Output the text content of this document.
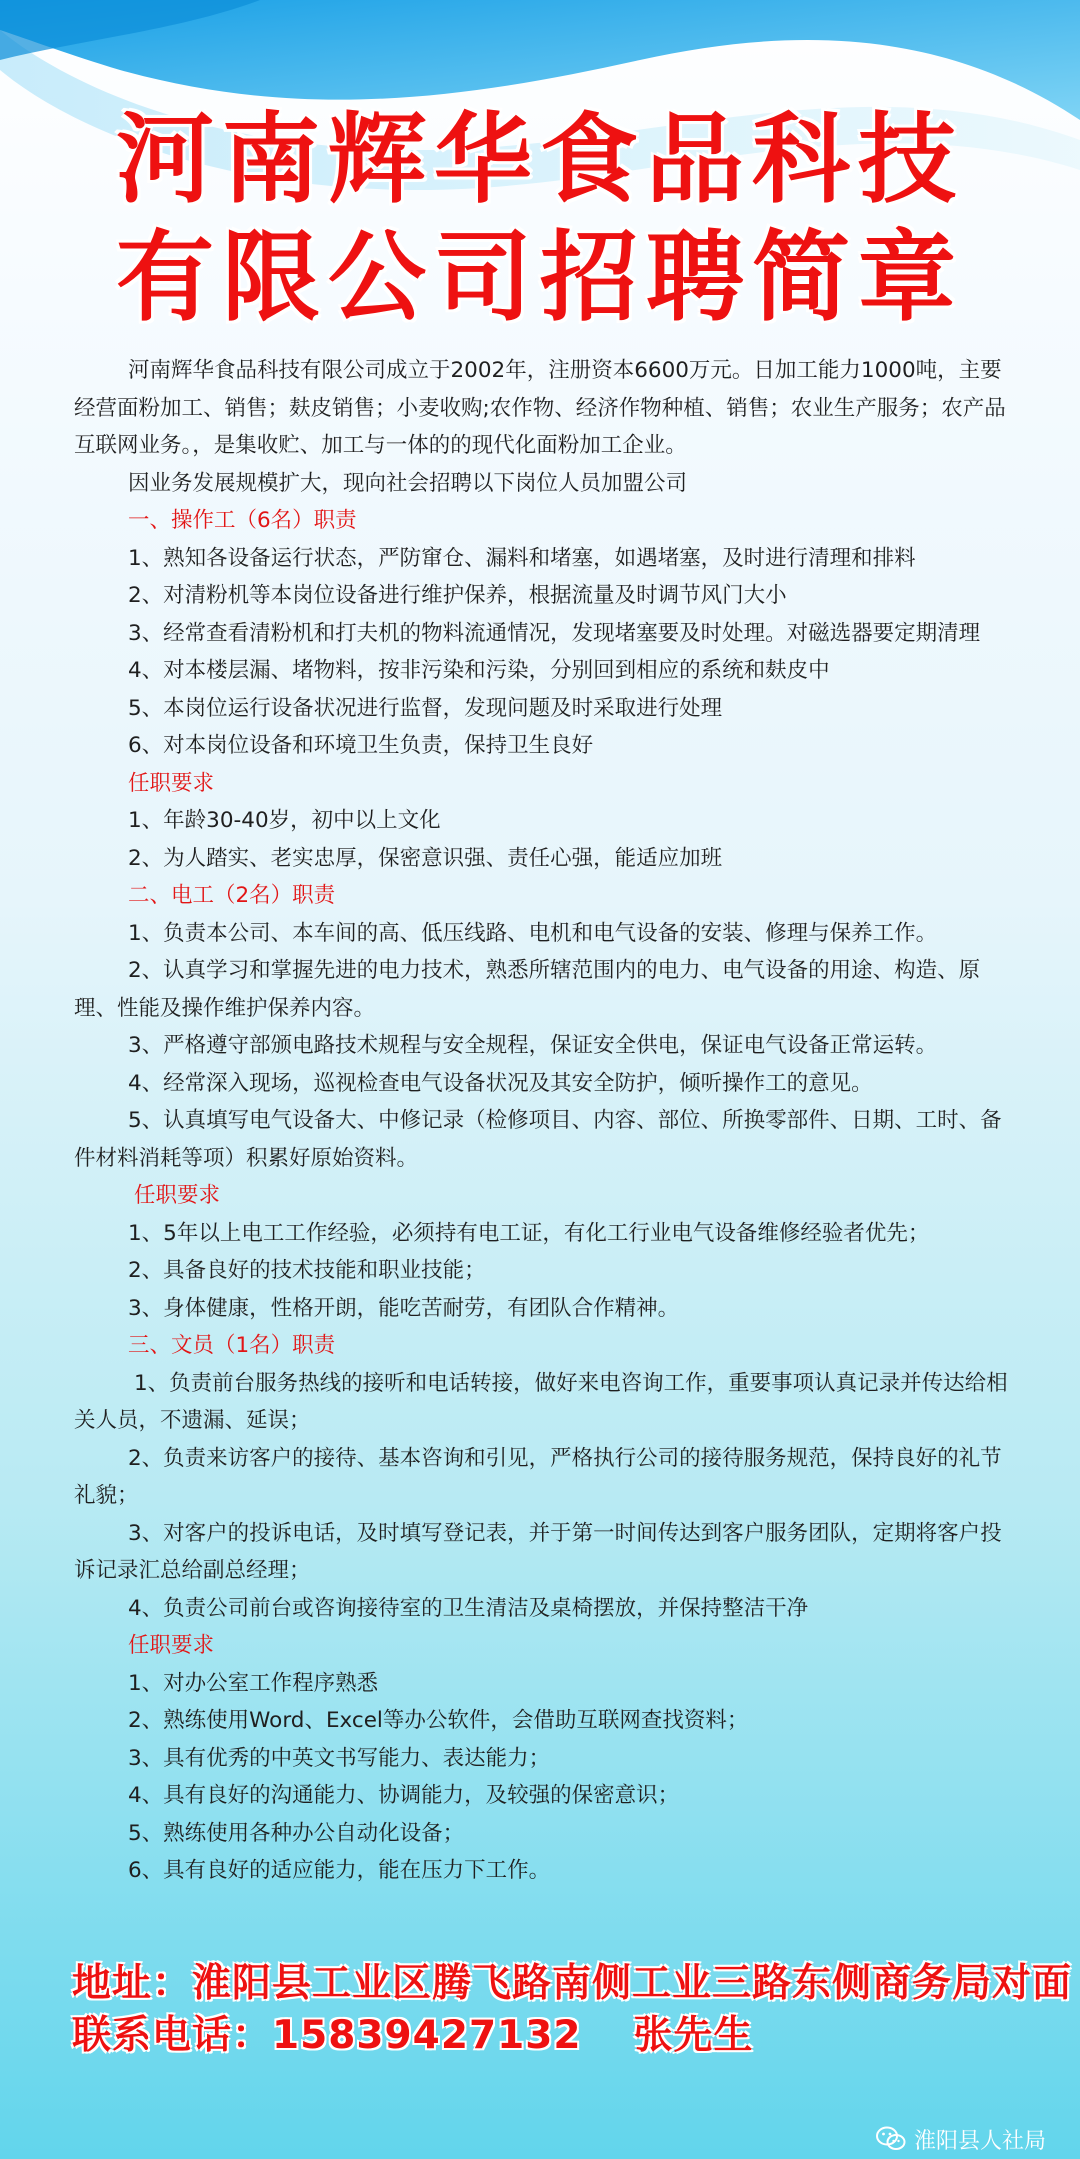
河南辉华食品科技
有限公司招聘简章

河南辉华食品科技有限公司成立于2002年，注册资本6600万元。日加工能力1000吨，主要经营面粉加工、销售；麸皮销售；小麦收购;农作物、经济作物种植、销售；农业生产服务；农产品互联网业务。，是集收贮、加工与一体的的现代化面粉加工企业。

因业务发展规模扩大，现向社会招聘以下岗位人员加盟公司

一、操作工（6名）职责

1、熟知各设备运行状态，严防窜仓、漏料和堵塞，如遇堵塞，及时进行清理和排料

2、对清粉机等本岗位设备进行维护保养，根据流量及时调节风门大小

3、经常查看清粉机和打夫机的物料流通情况，发现堵塞要及时处理。对磁选器要定期清理

4、对本楼层漏、堵物料，按非污染和污染，分别回到相应的系统和麸皮中

5、本岗位运行设备状况进行监督，发现问题及时采取进行处理

6、对本岗位设备和环境卫生负责，保持卫生良好

任职要求

1、年龄30-40岁，初中以上文化

2、为人踏实、老实忠厚，保密意识强、责任心强，能适应加班

二、电工（2名）职责

1、负责本公司、本车间的高、低压线路、电机和电气设备的安装、修理与保养工作。

2、认真学习和掌握先进的电力技术，熟悉所辖范围内的电力、电气设备的用途、构造、原理、性能及操作维护保养内容。

3、严格遵守部颁电路技术规程与安全规程，保证安全供电，保证电气设备正常运转。

4、经常深入现场，巡视检查电气设备状况及其安全防护，倾听操作工的意见。

5、认真填写电气设备大、中修记录（检修项目、内容、部位、所换零部件、日期、工时、备件材料消耗等项）积累好原始资料。

任职要求

1、5年以上电工工作经验，必须持有电工证，有化工行业电气设备维修经验者优先；

2、具备良好的技术技能和职业技能；

3、身体健康，性格开朗，能吃苦耐劳，有团队合作精神。

三、文员（1名）职责

1、负责前台服务热线的接听和电话转接，做好来电咨询工作，重要事项认真记录并传达给相关人员，不遗漏、延误；

2、负责来访客户的接待、基本咨询和引见，严格执行公司的接待服务规范，保持良好的礼节礼貌；

3、对客户的投诉电话，及时填写登记表，并于第一时间传达到客户服务团队，定期将客户投诉记录汇总给副总经理；

4、负责公司前台或咨询接待室的卫生清洁及桌椅摆放，并保持整洁干净

任职要求

1、对办公室工作程序熟悉

2、熟练使用Word、Excel等办公软件，会借助互联网查找资料；

3、具有优秀的中英文书写能力、表达能力；

4、具有良好的沟通能力、协调能力，及较强的保密意识；

5、熟练使用各种办公自动化设备；

6、具有良好的适应能力，能在压力下工作。

地址：淮阳县工业区腾飞路南侧工业三路东侧商务局对面

联系电话：15839427132 张先生

淮阳县人社局
